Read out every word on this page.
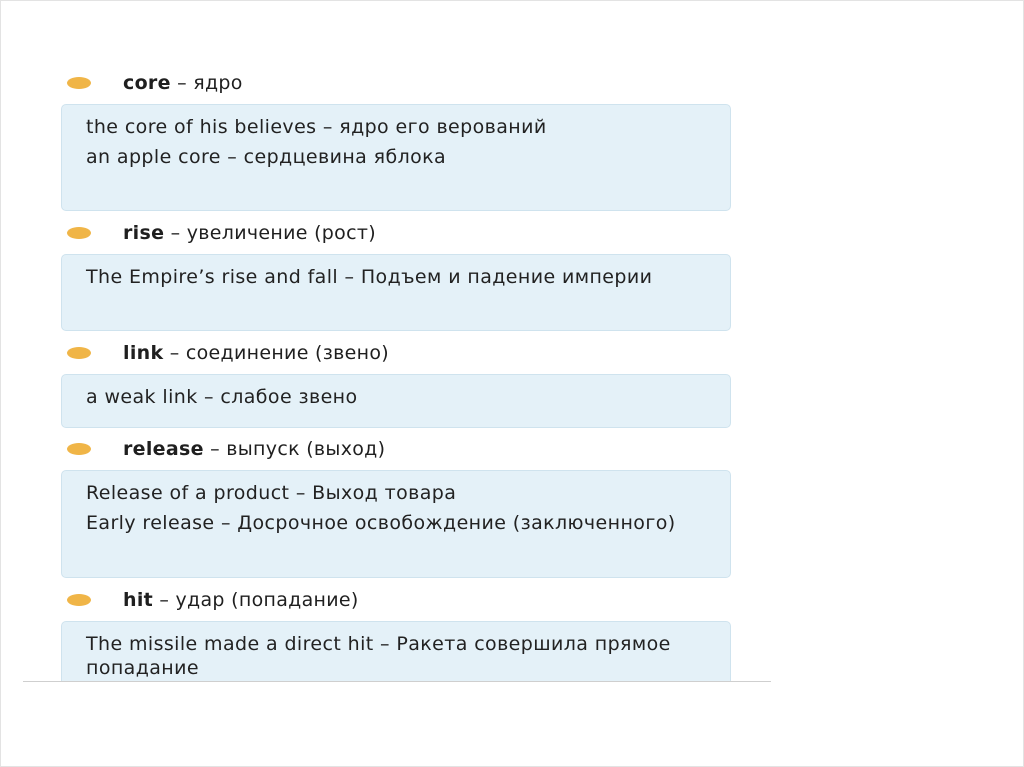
core – ядро

the core of his believes – ядро его верований

an apple core – сердцевина яблока

rise – увеличение (рост)

The Empire’s rise and fall – Подъем и падение империи

link – соединение (звено)

a weak link – слабое звено

release – выпуск (выход)

Release of a product – Выход товара

Early release – Досрочное освобождение (заключенного)

hit – удар (попадание)

The missile made a direct hit – Ракета совершила прямое попадание
